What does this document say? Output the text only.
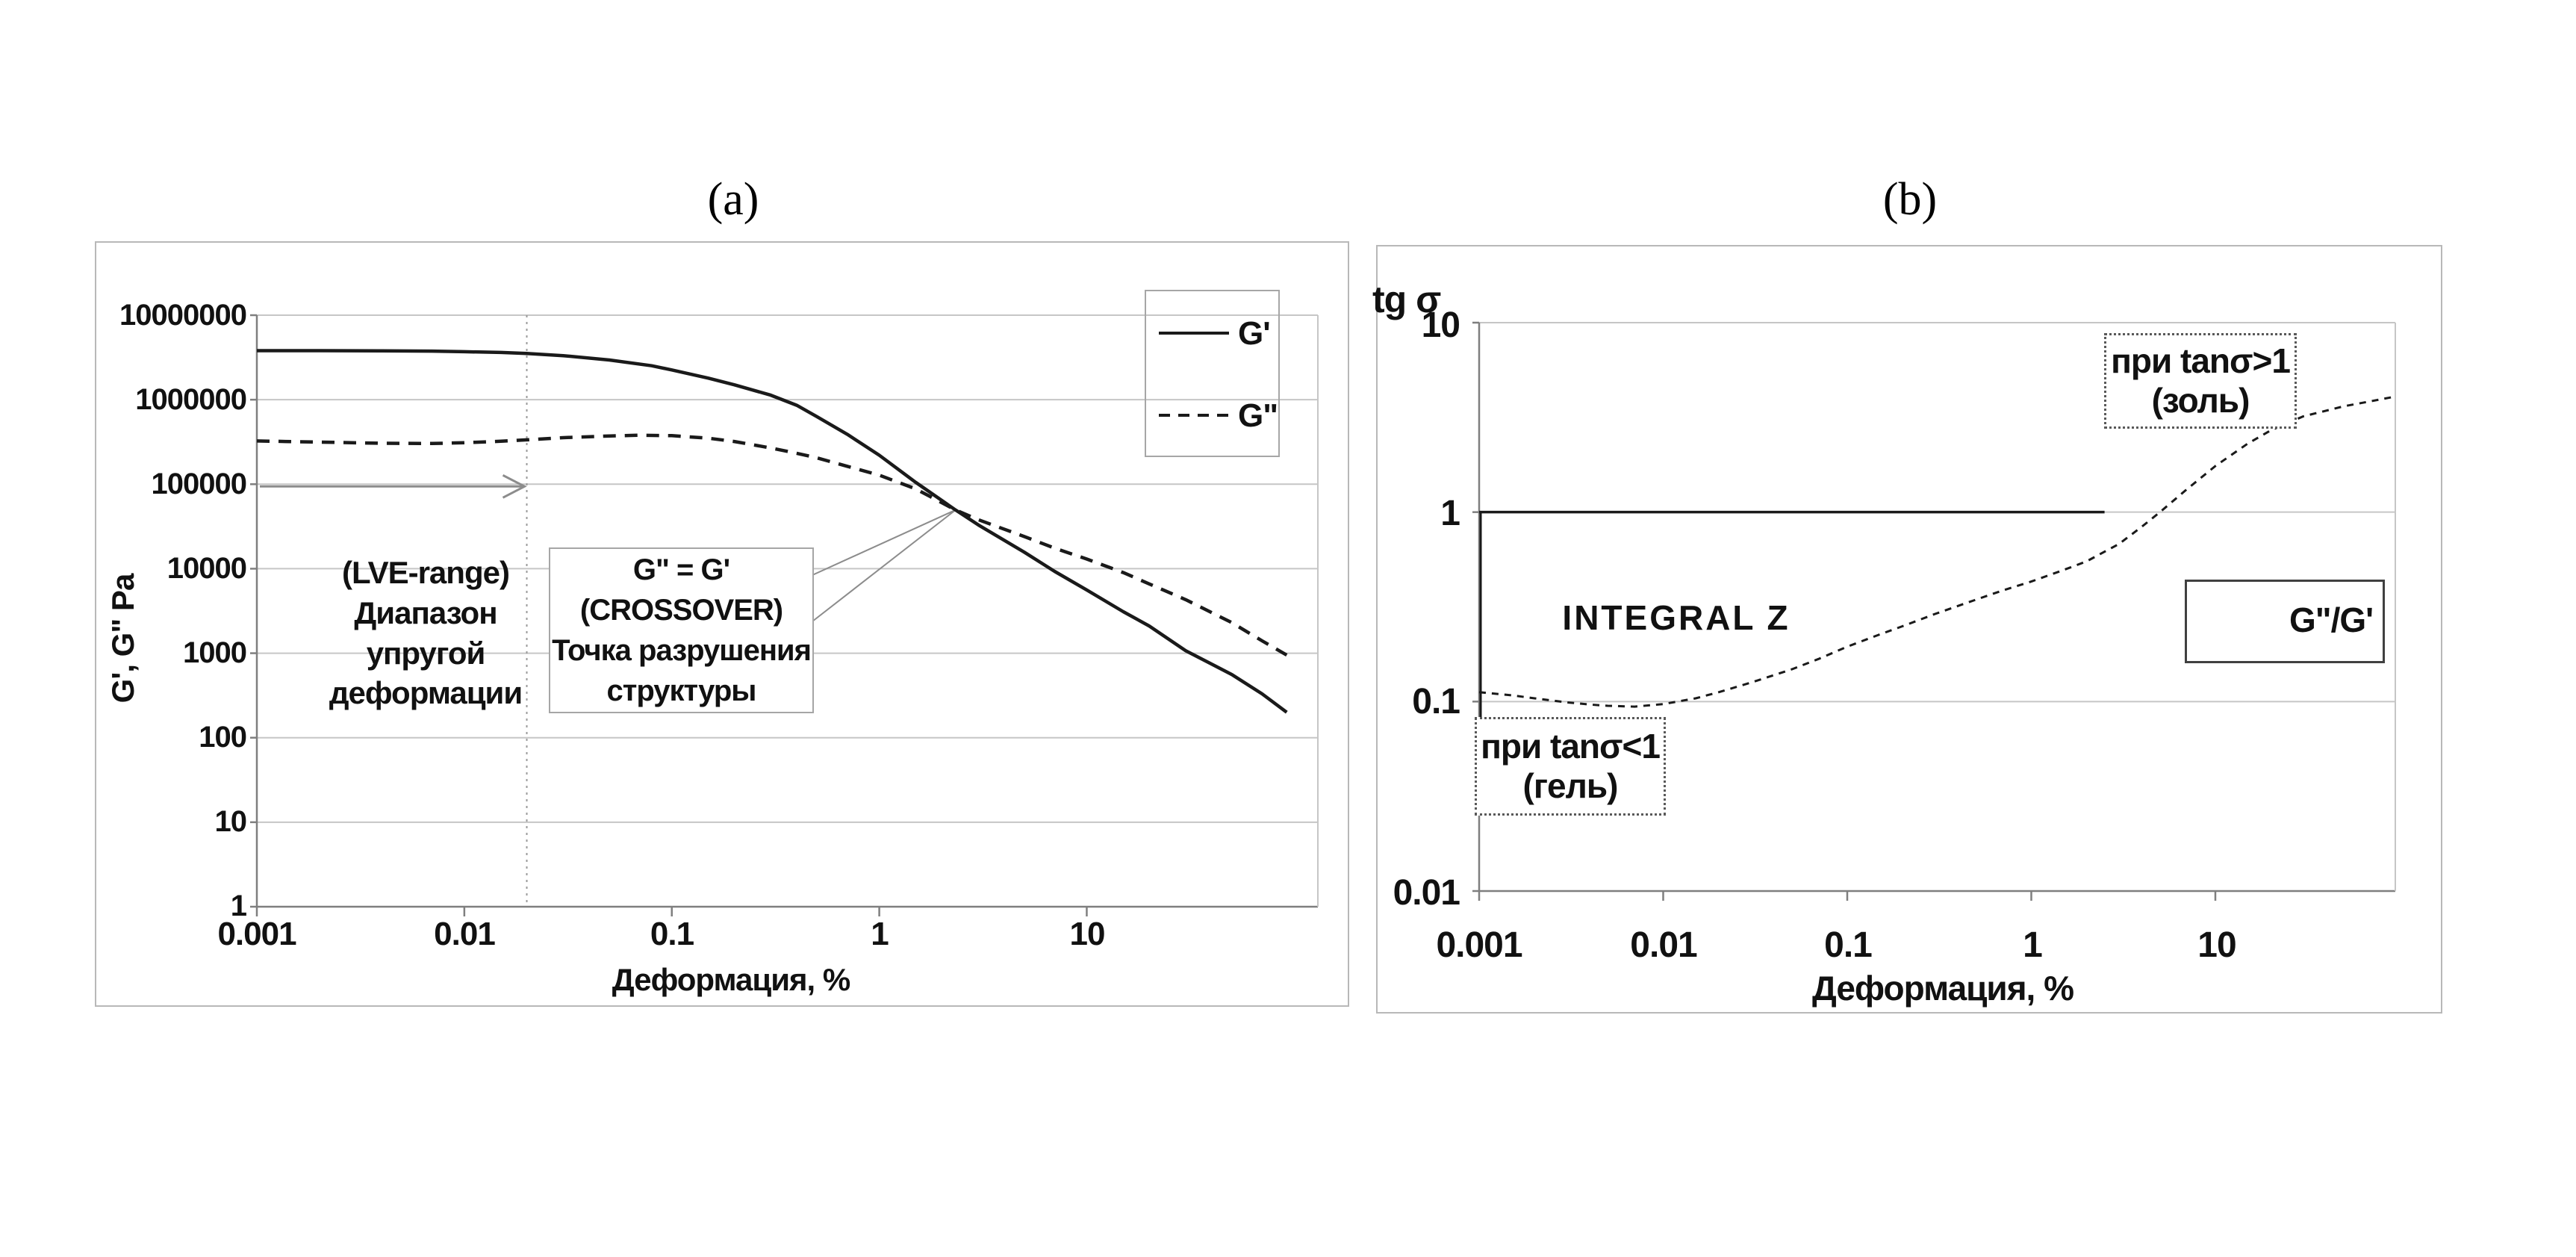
(a)
10000000
1000000
100000
10000
1000
100
10
1
G', G" Pa
0.001	0.01	0.1	1	10
Деформация, %
G'
G"
(LVE-range)
Диапазон
упругой
деформации
G" = G'
(CROSSOVER)
Точка разрушения
структуры
(b)
tg σ
10
1
0.1
0.01
0.001	0.01	0.1	1	10
Деформация, %
INTEGRAL Z
при tanσ<1
(гель)
при tanσ>1
(золь)
G"/G'
